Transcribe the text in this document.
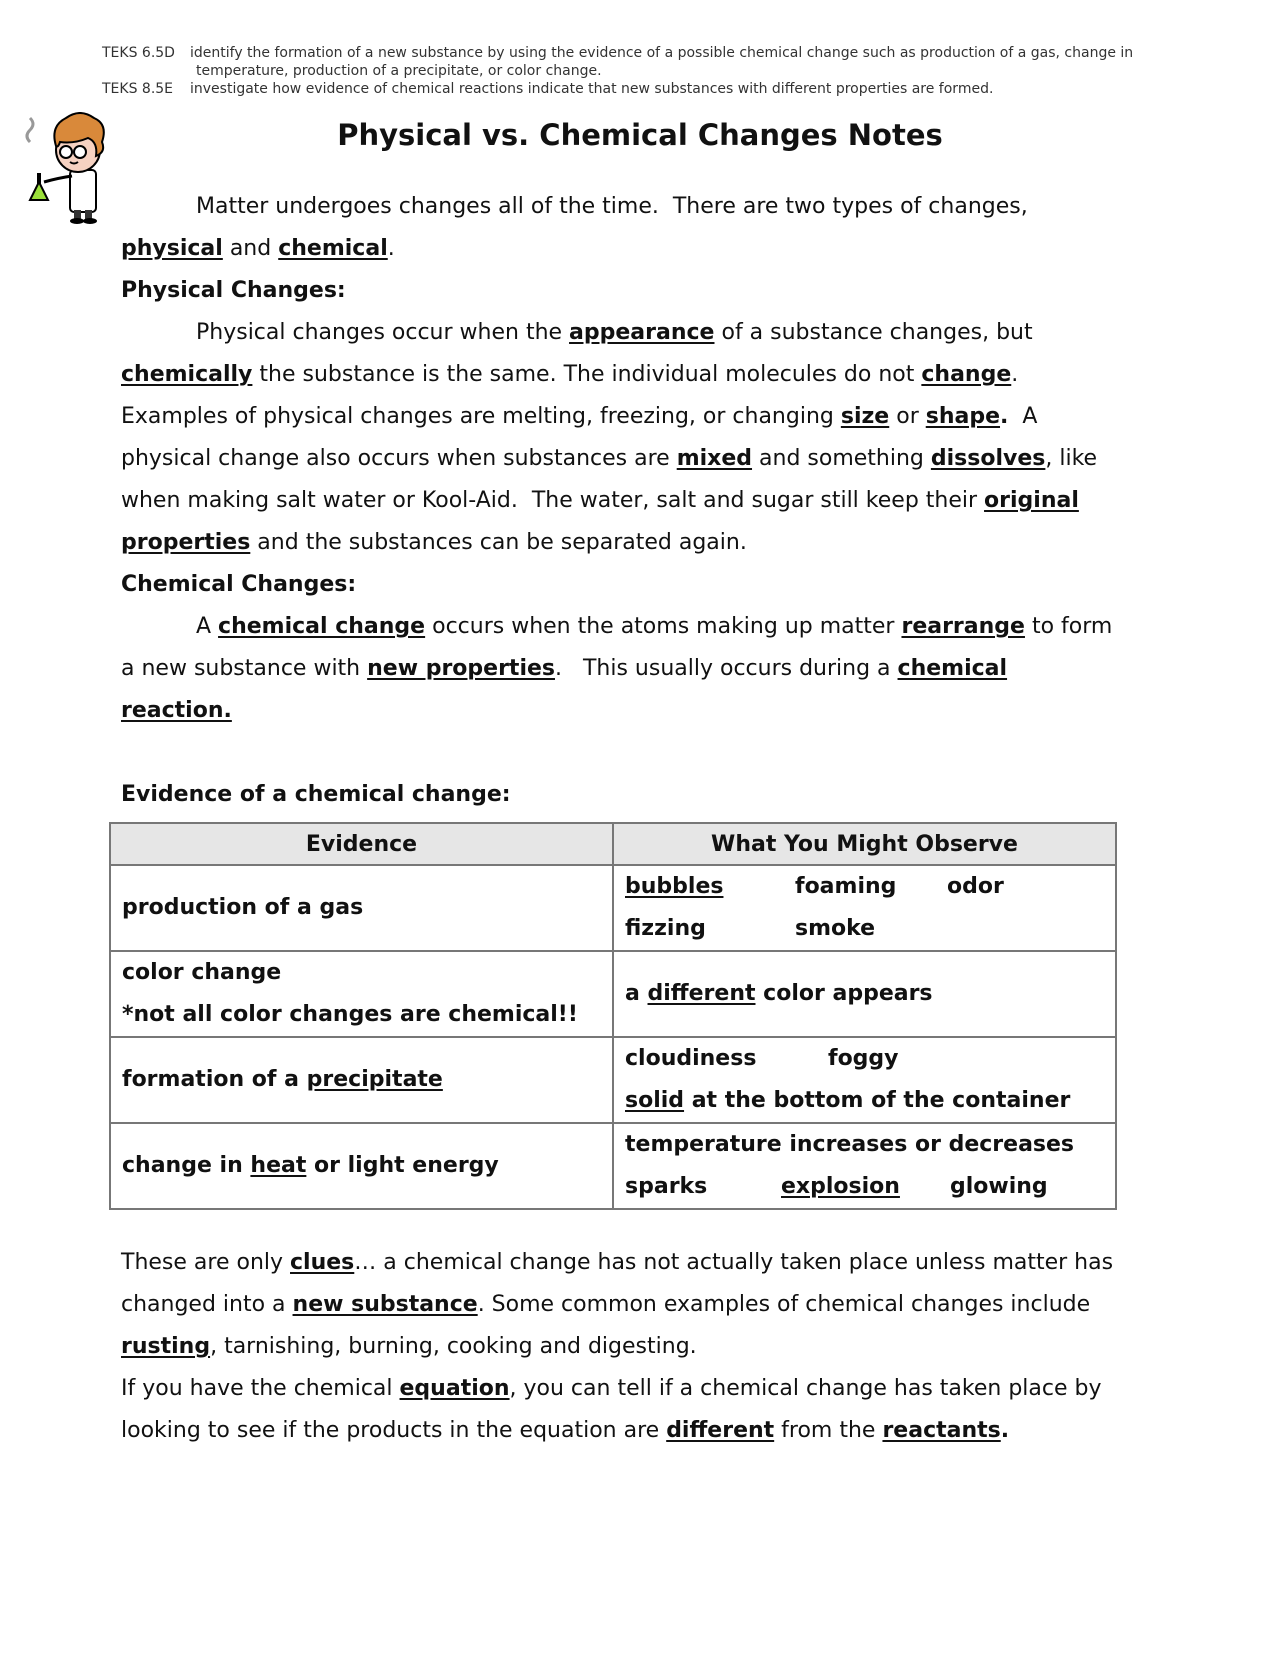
TEKS 6.5D	identify the formation of a new substance by using the evidence of a possible chemical change such as production of a gas, change in
temperature, production of a precipitate, or color change.
TEKS 8.5E	investigate how evidence of chemical reactions indicate that new substances with different properties are formed.
Physical vs. Chemical Changes Notes
Matter undergoes changes all of the time.  There are two types of changes,
physical and chemical.
Physical Changes:
Physical changes occur when the appearance of a substance changes, but
chemically the substance is the same. The individual molecules do not change.
Examples of physical changes are melting, freezing, or changing size or shape.  A
physical change also occurs when substances are mixed and something dissolves, like
when making salt water or Kool-Aid.  The water, salt and sugar still keep their original
properties and the substances can be separated again.
Chemical Changes:
A chemical change occurs when the atoms making up matter rearrange to form
a new substance with new properties.   This usually occurs during a chemical
reaction.

Evidence of a chemical change:
Evidence	What You Might Observe

production of a gas	bubbles foaming odor
fizzing smoke

color change
*not all color changes are chemical!!	a different color appears

formation of a precipitate	cloudiness foggy
solid at the bottom of the container

change in heat or light energy	temperature increases or decreases
sparks explosion glowing
These are only clues… a chemical change has not actually taken place unless matter has
changed into a new substance. Some common examples of chemical changes include
rusting, tarnishing, burning, cooking and digesting.
If you have the chemical equation, you can tell if a chemical change has taken place by
looking to see if the products in the equation are different from the reactants.
